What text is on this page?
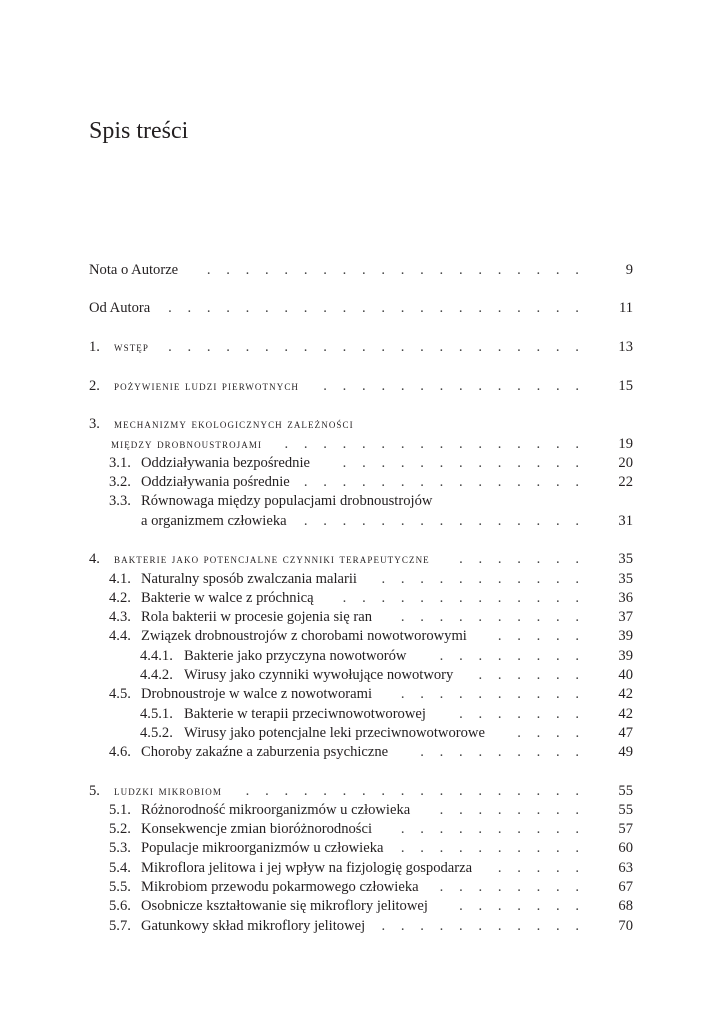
Spis treści
Nota o Autorze	9
. . . . . . . . . . . . . . . . . . . .
Od Autora	11
. . . . . . . . . . . . . . . . . . . . . .
1. wstęp	13
. . . . . . . . . . . . . . . . . . . . . .
2. pożywienie ludzi pierwotnych	15
. . . . . . . . . . . . . .
3. mechanizmy ekologicznych zależności
między drobnoustrojami	19
. . . . . . . . . . . . . . . .
3.1. Oddziaływania bezpośrednie	20
. . . . . . . . . . . . .
3.2. Oddziaływania pośrednie	22
. . . . . . . . . . . . . . .
3.3. Równowaga między populacjami drobnoustrojów
a organizmem człowieka	31
. . . . . . . . . . . . . . .
4. bakterie jako potencjalne czynniki terapeutyczne	35
. . . . . . .
4.1. Naturalny sposób zwalczania malarii	35
. . . . . . . . . . .
4.2. Bakterie w walce z próchnicą	36
. . . . . . . . . . . . .
4.3. Rola bakterii w procesie gojenia się ran	37
. . . . . . . . . .
4.4. Związek drobnoustrojów z chorobami nowotworowymi	39
. . . . .
4.4.1. Bakterie jako przyczyna nowotworów	39
. . . . . . . .
4.4.2. Wirusy jako czynniki wywołujące nowotwory	40
. . . . . .
4.5. Drobnoustroje w walce z nowotworami	42
. . . . . . . . . .
4.5.1. Bakterie w terapii przeciwnowotworowej	42
. . . . . . .
4.5.2. Wirusy jako potencjalne leki przeciwnowotworowe	47
. . . .
4.6. Choroby zakaźne a zaburzenia psychiczne	49
. . . . . . . . .
5. ludzki mikrobiom	55
. . . . . . . . . . . . . . . . . .
5.1. Różnorodność mikroorganizmów u człowieka	55
. . . . . . . .
5.2. Konsekwencje zmian bioróżnorodności	57
. . . . . . . . . .
5.3. Populacje mikroorganizmów u człowieka	60
. . . . . . . . . .
5.4. Mikroflora jelitowa i jej wpływ na fizjologię gospodarza	63
. . . . .
5.5. Mikrobiom przewodu pokarmowego człowieka	67
. . . . . . . .
5.6. Osobnicze kształtowanie się mikroflory jelitowej	68
. . . . . . .
5.7. Gatunkowy skład mikroflory jelitowej	70
. . . . . . . . . . .
